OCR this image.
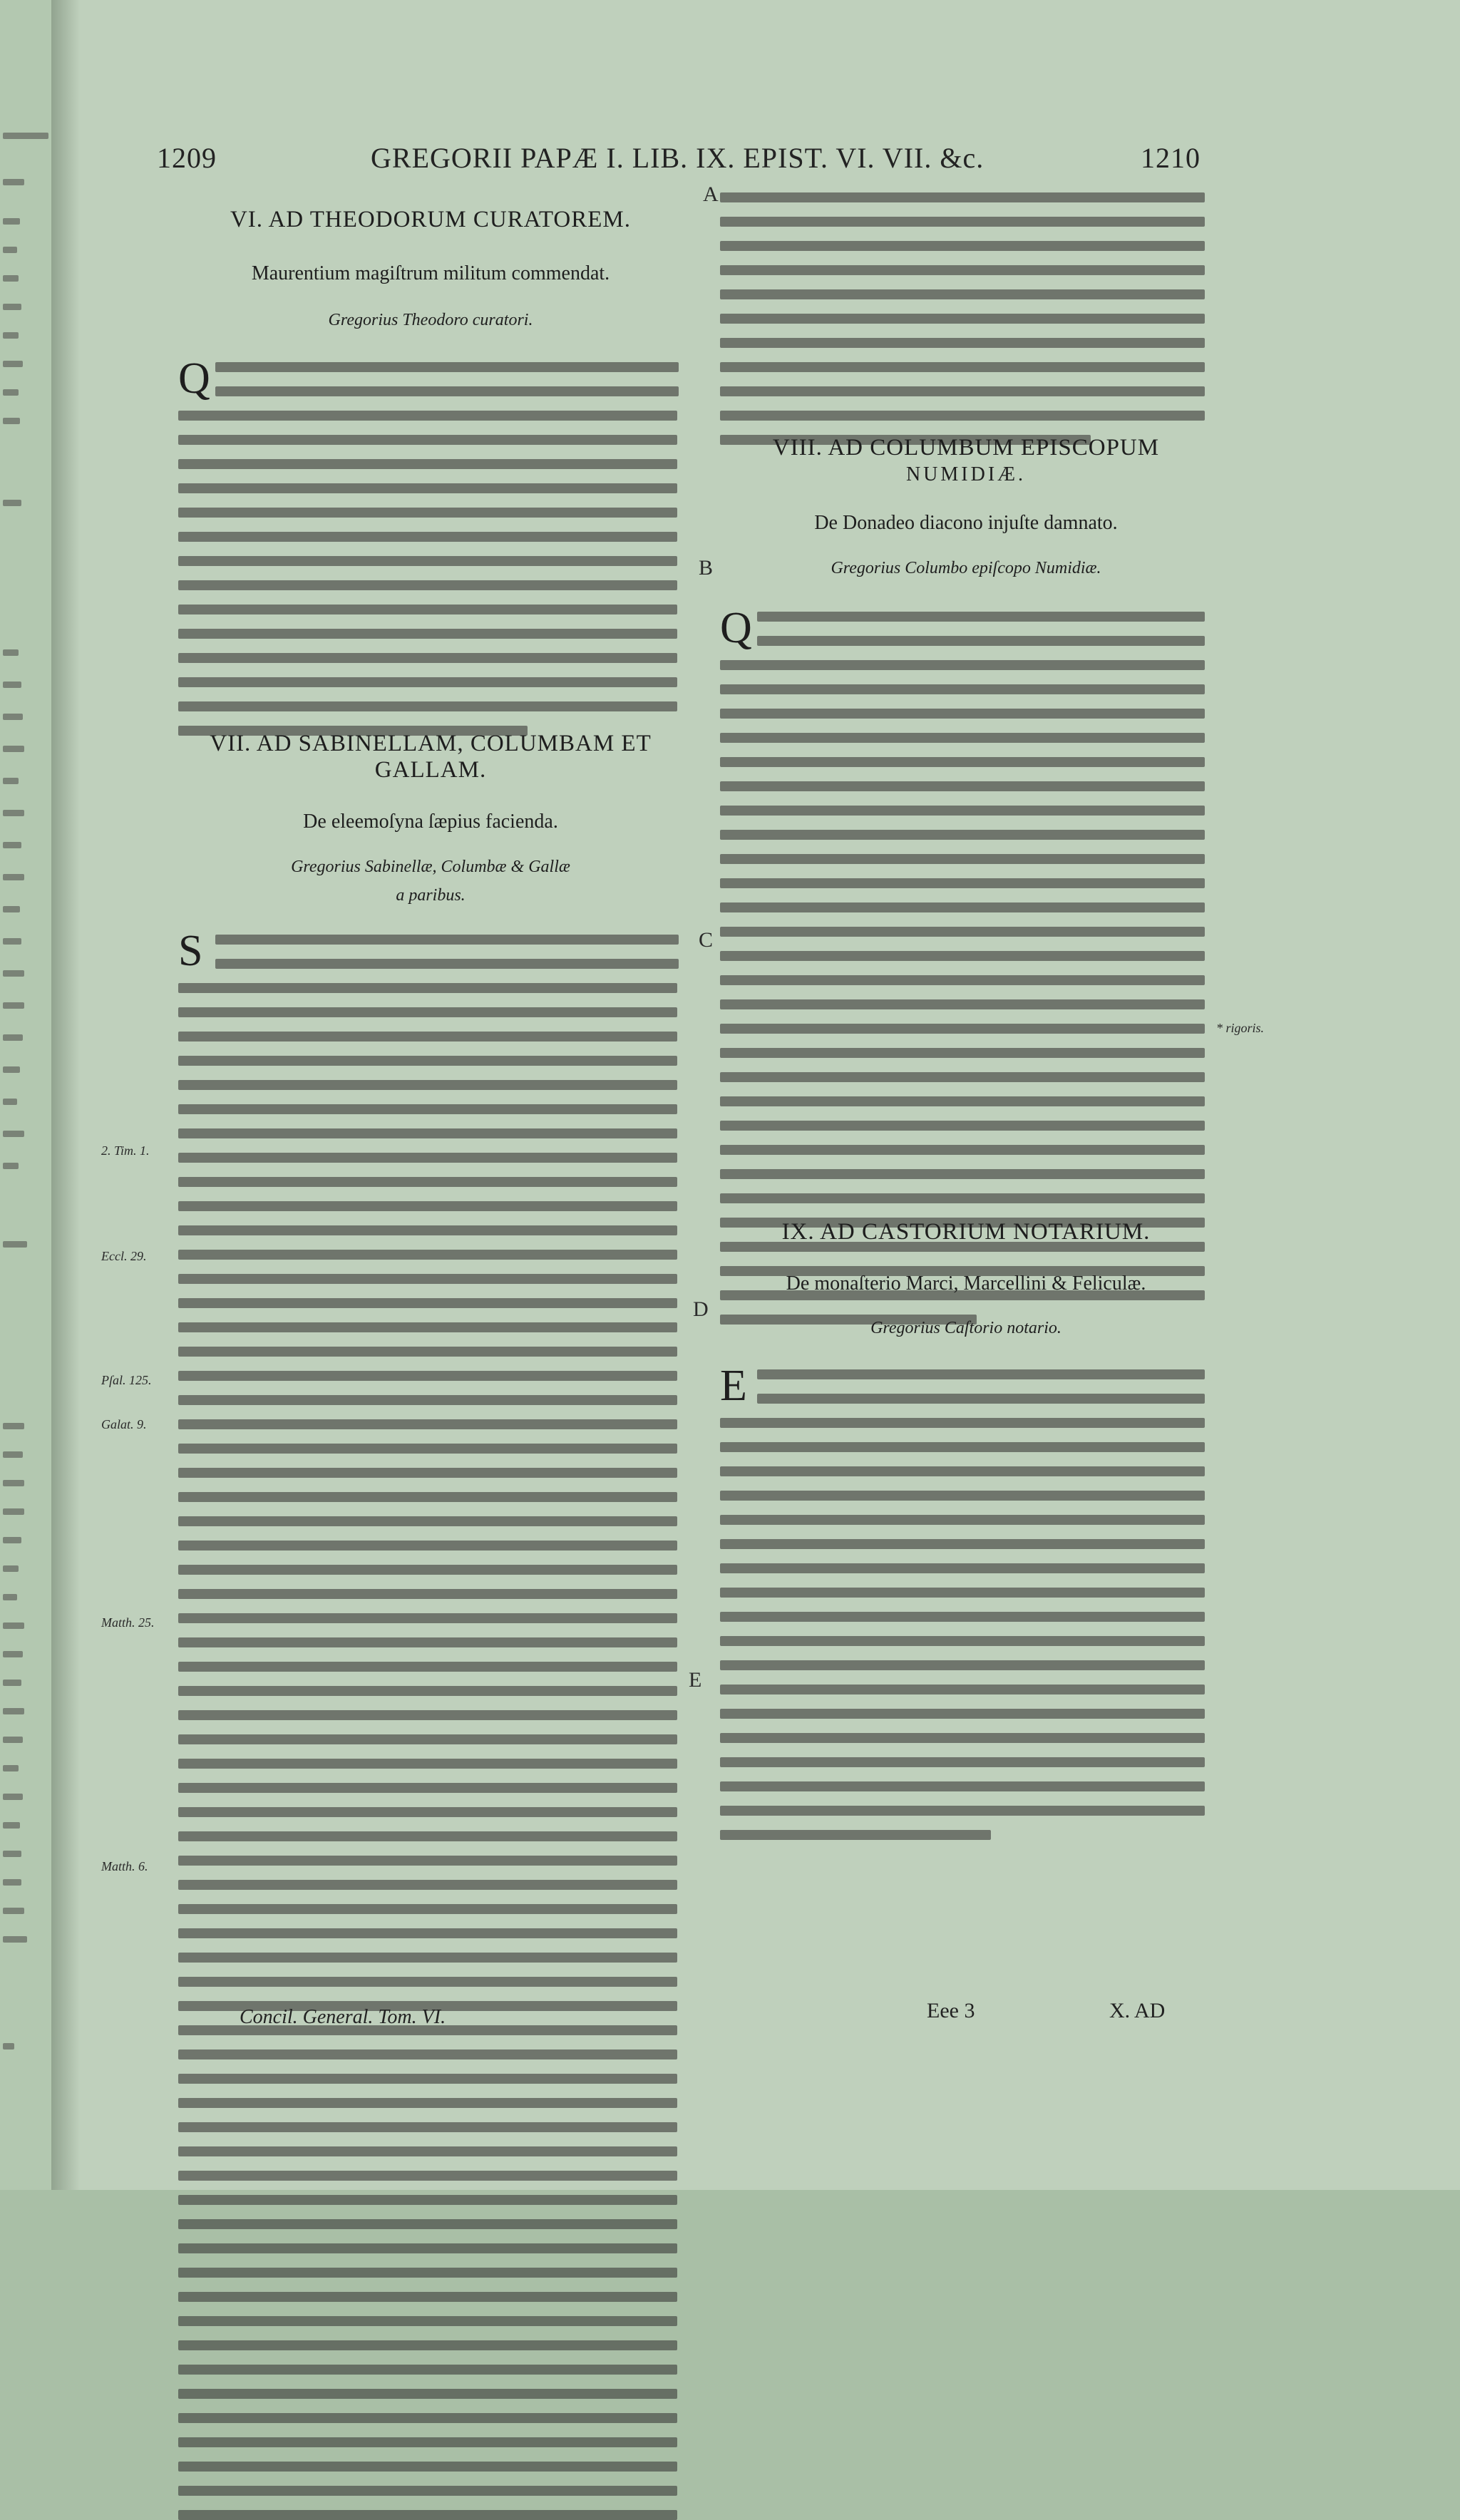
1209	GREGORII PAPÆ I. LIB. IX. EPIST. VI. VII. &c.	1210
VI. AD THEODORUM CURATOREM.
Maurentium magiſtrum militum commendat.
Gregorius Theodoro curatori.
Q
VII. AD SABINELLAM, COLUMBAM ET GALLAM.
De eleemoſyna ſæpius facienda.
Gregorius Sabinellæ, Columbæ & Gallæ
a paribus.
S
VIII. AD COLUMBUM EPISCOPUM
NUMIDIÆ.
De Donadeo diacono injuſte damnato.
Gregorius Columbo epiſcopo Numidiæ.
Q
IX. AD CASTORIUM NOTARIUM.
De monaſterio Marci, Marcellini & Feliculæ.
Gregorius Caſtorio notario.
E
2. Tim. 1.
Eccl. 29.
Pſal. 125.
Galat. 9.
Matth. 25.
Matth. 6.
* rigoris.
A
B
C
D
E
Concil. General. Tom. VI.	Eee 3	X. AD
